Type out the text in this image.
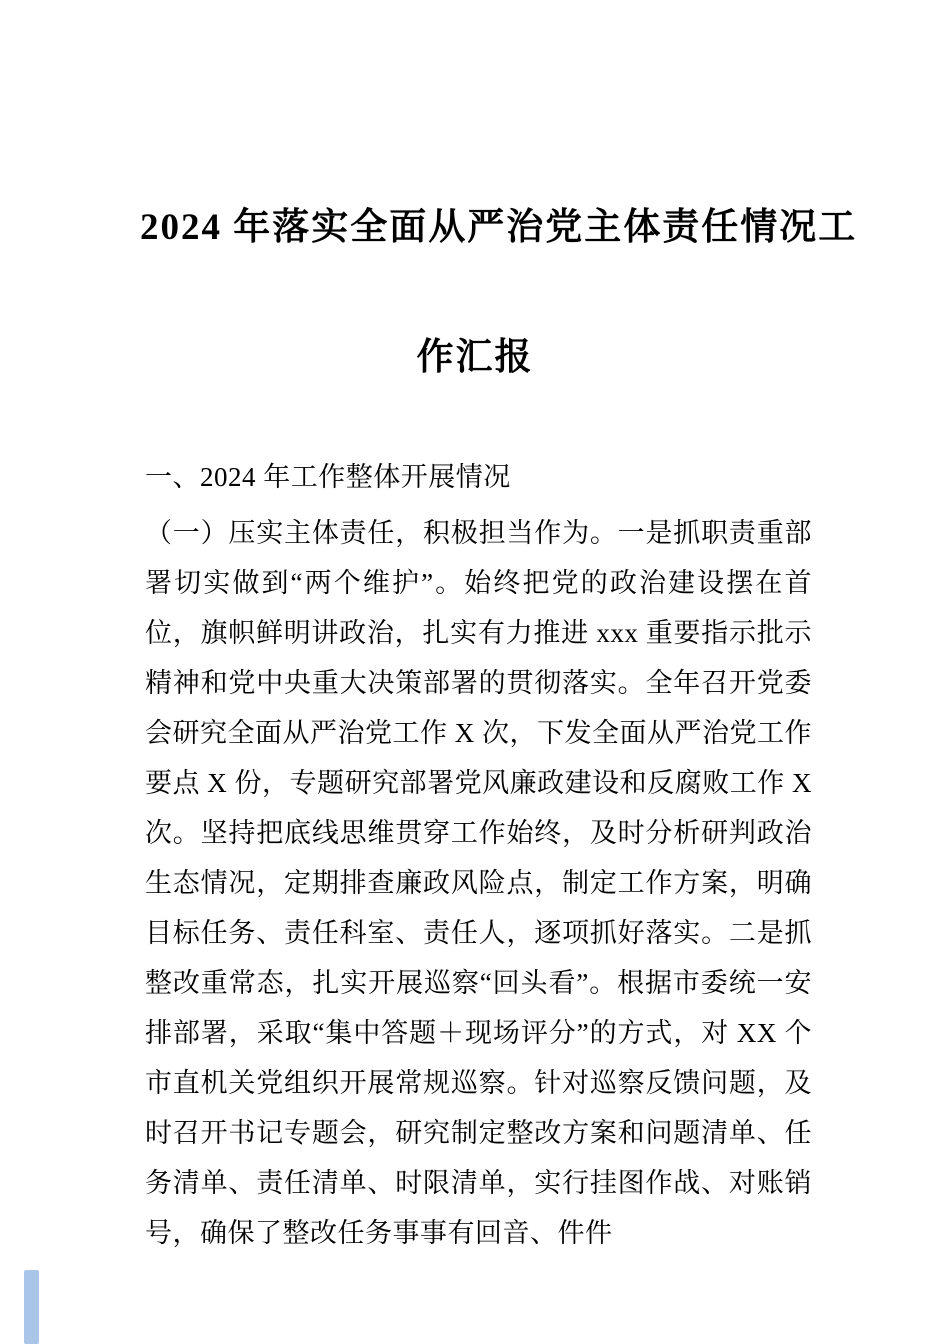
2024 年落实全面从严治党主体责任情况工
作汇报

一、2024 年工作整体开展情况

（一）压实主体责任，积极担当作为。一是抓职责重部署切实做到“两个维护”。始终把党的政治建设摆在首位，旗帜鲜明讲政治，扎实有力推进 xxx 重要指示批示精神和党中央重大决策部署的贯彻落实。全年召开党委会研究全面从严治党工作 X 次，下发全面从严治党工作要点 X 份，专题研究部署党风廉政建设和反腐败工作 X 次。坚持把底线思维贯穿工作始终，及时分析研判政治生态情况，定期排查廉政风险点，制定工作方案，明确目标任务、责任科室、责任人，逐项抓好落实。二是抓整改重常态，扎实开展巡察“回头看”。根据市委统一安排部署，采取“集中答题＋现场评分”的方式，对 XX 个市直机关党组织开展常规巡察。针对巡察反馈问题，及时召开书记专题会，研究制定整改方案和问题清单、任务清单、责任清单、时限清单，实行挂图作战、对账销号，确保了整改任务事事有回音、件件
